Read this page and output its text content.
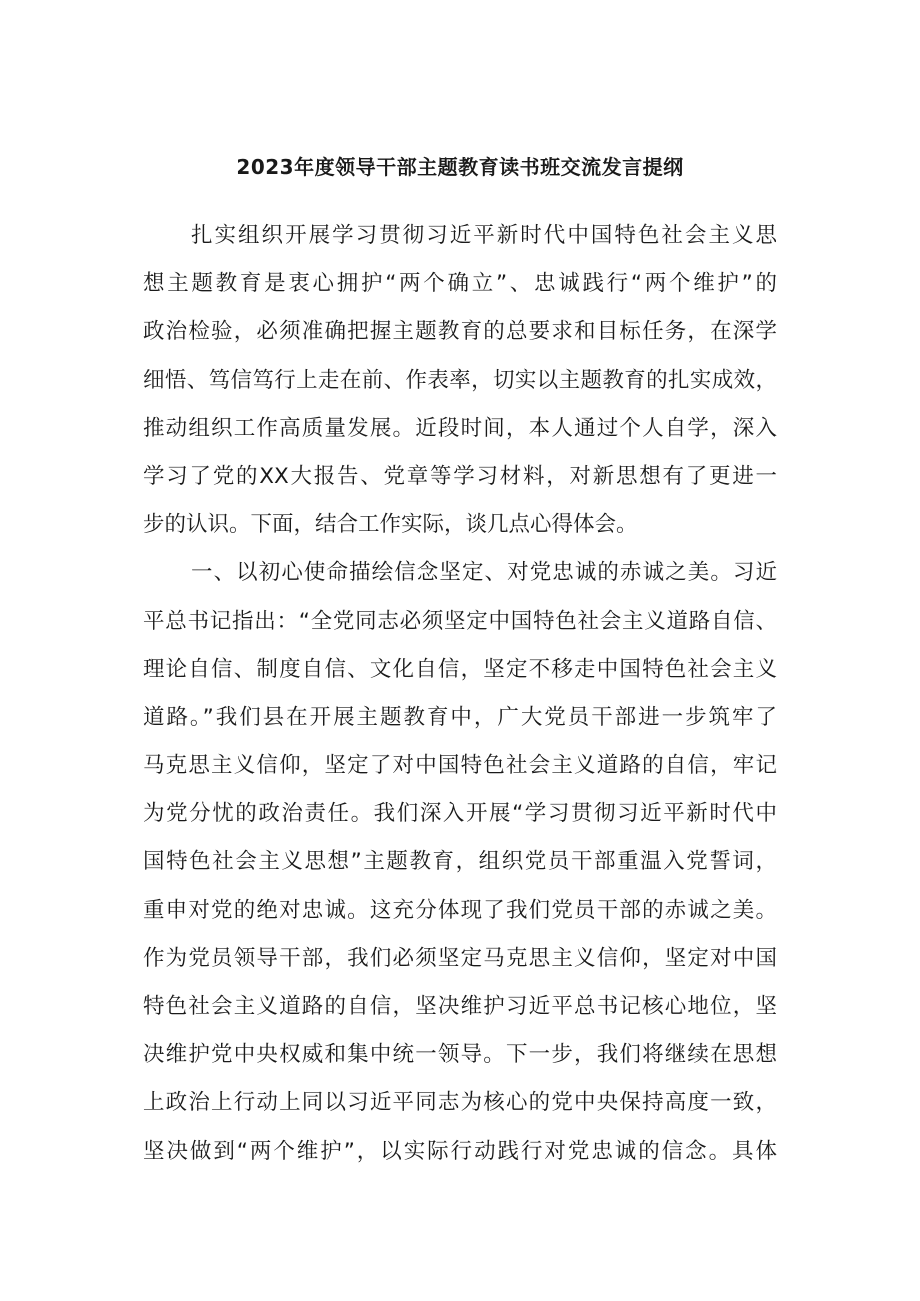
2023年度领导干部主题教育读书班交流发言提纲
扎实组织开展学习贯彻习近平新时代中国特色社会主义思
想主题教育是衷心拥护“两个确立”、忠诚践行“两个维护”的
政治检验，必须准确把握主题教育的总要求和目标任务，在深学
细悟、笃信笃行上走在前、作表率，切实以主题教育的扎实成效，
推动组织工作高质量发展。近段时间，本人通过个人自学，深入
学习了党的XX大报告、党章等学习材料，对新思想有了更进一
步的认识。下面，结合工作实际，谈几点心得体会。
一、以初心使命描绘信念坚定、对党忠诚的赤诚之美。习近
平总书记指出：“全党同志必须坚定中国特色社会主义道路自信、
理论自信、制度自信、文化自信，坚定不移走中国特色社会主义
道路。”我们县在开展主题教育中，广大党员干部进一步筑牢了
马克思主义信仰，坚定了对中国特色社会主义道路的自信，牢记
为党分忧的政治责任。我们深入开展“学习贯彻习近平新时代中
国特色社会主义思想”主题教育，组织党员干部重温入党誓词，
重申对党的绝对忠诚。这充分体现了我们党员干部的赤诚之美。
作为党员领导干部，我们必须坚定马克思主义信仰，坚定对中国
特色社会主义道路的自信，坚决维护习近平总书记核心地位，坚
决维护党中央权威和集中统一领导。下一步，我们将继续在思想
上政治上行动上同以习近平同志为核心的党中央保持高度一致，
坚决做到“两个维护”，以实际行动践行对党忠诚的信念。具体
